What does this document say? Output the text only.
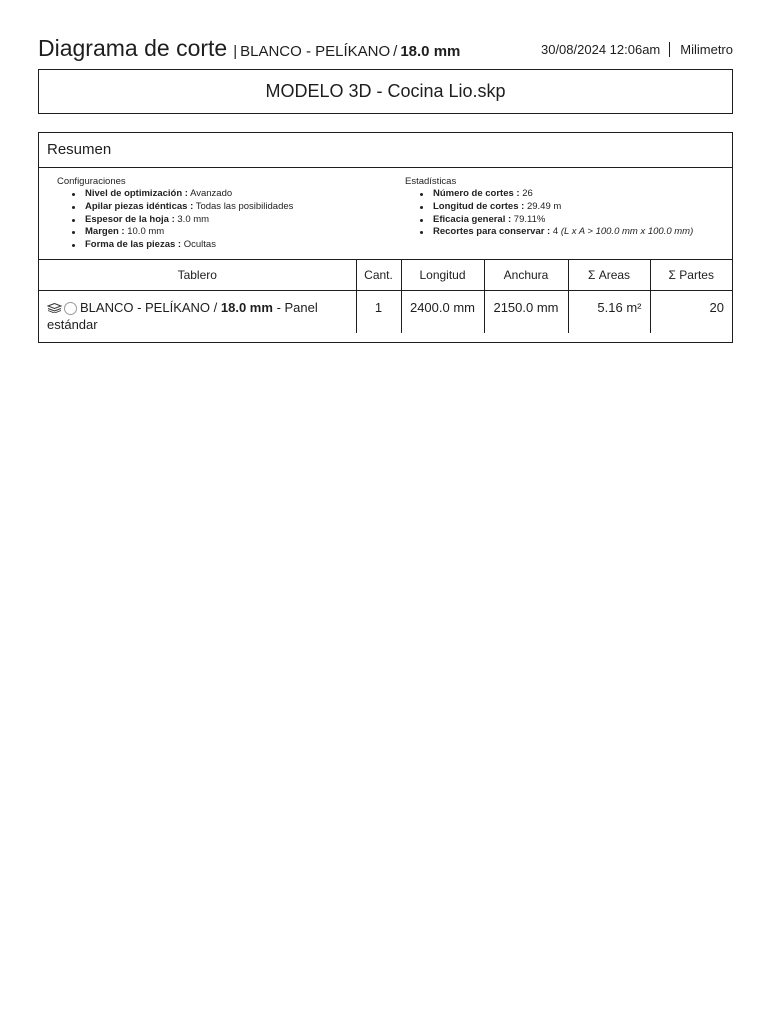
Diagrama de corte | BLANCO - PELÍKANO / 18.0 mm	30/08/2024 12:06am Milimetro
MODELO 3D - Cocina Lio.skp
Resumen
Configuraciones
Nivel de optimización : Avanzado
Apilar piezas idénticas : Todas las posibilidades
Espesor de la hoja : 3.0 mm
Margen : 10.0 mm
Forma de las piezas : Ocultas
Estadísticas
Número de cortes : 26
Longitud de cortes : 29.49 m
Eficacia general : 79.11%
Recortes para conservar : 4 (L x A > 100.0 mm x 100.0 mm)
Tablero	Cant.	Longitud	Anchura	Σ Areas	Σ Partes
BLANCO - PELÍKANO / 18.0 mm - Panel estándar	1	2400.0 mm	2150.0 mm	5.16 m²	20
